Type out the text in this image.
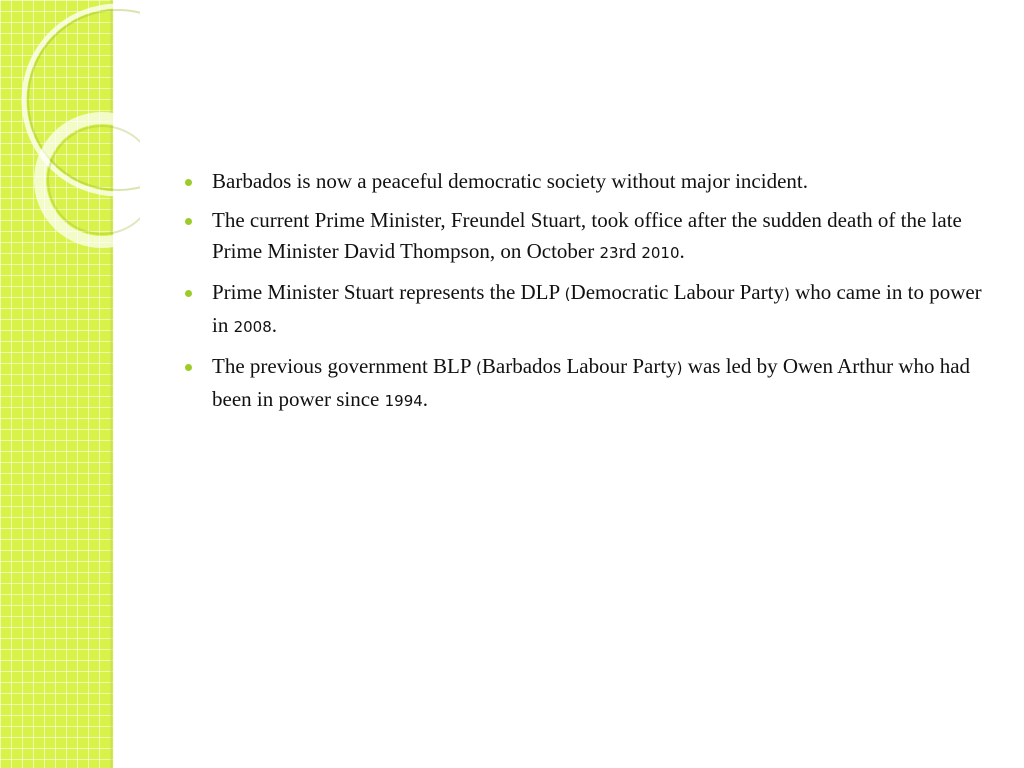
Barbados is now a peaceful democratic society without major incident.
The current Prime Minister, Freundel Stuart, took office after the sudden death of the late Prime Minister David Thompson, on October 23rd 2010.
Prime Minister Stuart represents the DLP (Democratic Labour Party) who came in to power in 2008.
The previous government BLP (Barbados Labour Party) was led by Owen Arthur who had been in power since 1994.
